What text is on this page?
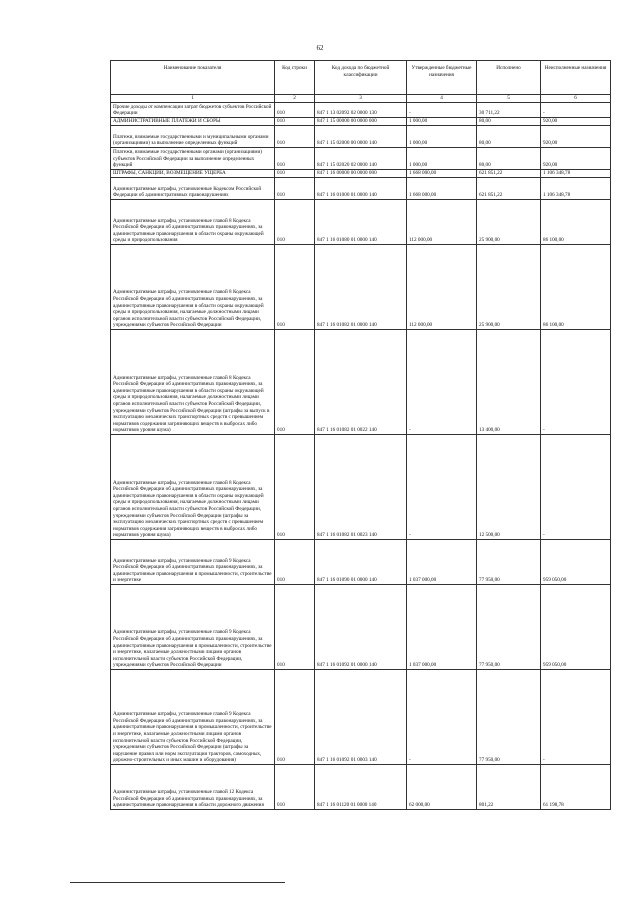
62
Наименование показателя	Код строки	Код дохода по бюджетной классификации	Утвержденные бюджетные назначения	Исполнено	Неисполненные назначения
1	2	3	4	5	6
Прочие доходы от компенсации затрат бюджетов субъектов Российской Федерации	010	847 1 13 02092 02 0000 130	-	30 711,22	-
АДМИНИСТРАТИВНЫЕ ПЛАТЕЖИ И СБОРЫ	010	847 1 15 00000 00 0000 000	1 000,00	80,00	920,00
Платежи, взимаемые государственными и муниципальными органами (организациями) за выполнение определенных функций	010	847 1 15 02000 00 0000 140	1 000,00	80,00	920,00
Платежи, взимаемые государственными органами (организациями) субъектов Российской Федерации за выполнение определенных функций	010	847 1 15 02020 02 0000 140	1 000,00	80,00	920,00
ШТРАФЫ, САНКЦИИ, ВОЗМЕЩЕНИЕ УЩЕРБА	010	847 1 16 00000 00 0000 000	1 668 000,00	621 851,22	1 106 348,78
Административные штрафы, установленные Кодексом Российской Федерации об административных правонарушениях	010	847 1 16 01000 01 0000 140	1 668 000,00	621 851,22	1 106 348,78
Административные штрафы, установленные главой 8 Кодекса Российской Федерации об административных правонарушениях, за административные правонарушения в области охраны окружающей среды и природопользования	010	847 1 16 01080 01 0000 140	112 000,00	25 900,00	86 100,00
Административные штрафы, установленные главой 8 Кодекса Российской Федерации об административных правонарушениях, за административные правонарушения в области охраны окружающей среды и природопользования, налагаемые должностными лицами органов исполнительной власти субъектов Российской Федерации, учреждениями субъектов Российской Федерации	010	847 1 16 01082 01 0000 140	112 000,00	25 900,00	86 100,00
Административные штрафы, установленные главой 8 Кодекса Российской Федерации об административных правонарушениях, за административные правонарушения в области охраны окружающей среды и природопользования, налагаемые должностными лицами органов исполнительной власти субъектов Российской Федерации, учреждениями субъектов Российской Федерации (штрафы за выпуск в эксплуатацию механических транспортных средств с превышением нормативов содержания загрязняющих веществ в выбросах либо нормативов уровня шума)	010	847 1 16 01082 01 0022 140	-	13 400,00	-
Административные штрафы, установленные главой 8 Кодекса Российской Федерации об административных правонарушениях, за административные правонарушения в области охраны окружающей среды и природопользования, налагаемые должностными лицами органов исполнительной власти субъектов Российской Федерации, учреждениями субъектов Российской Федерации (штрафы за эксплуатацию механических транспортных средств с превышением нормативов содержания загрязняющих веществ в выбросах либо нормативов уровня шума)	010	847 1 16 01082 01 0023 140	-	12 500,00	-
Административные штрафы, установленные главой 9 Кодекса Российской Федерации об административных правонарушениях, за административные правонарушения в промышленности, строительстве и энергетике	010	847 1 16 01090 01 0000 140	1 037 000,00	77 950,00	959 050,00
Административные штрафы, установленные главой 9 Кодекса Российской Федерации об административных правонарушениях, за административные правонарушения в промышленности, строительстве и энергетике, налагаемые должностными лицами органов исполнительной власти субъектов Российской Федерации, учреждениями субъектов Российской Федерации	010	847 1 16 01092 01 0000 140	1 037 000,00	77 950,00	959 050,00
Административные штрафы, установленные главой 9 Кодекса Российской Федерации об административных правонарушениях, за административные правонарушения в промышленности, строительстве и энергетике, налагаемые должностными лицами органов исполнительной власти субъектов Российской Федерации, учреждениями субъектов Российской Федерации (штрафы за нарушение правил или норм эксплуатации тракторов, самоходных, дорожно-строительных и иных машин и оборудования)	010	847 1 16 01092 01 0003 140	-	77 950,00	-
Административные штрафы, установленные главой 12 Кодекса Российской Федерации об административных правонарушениях, за административные правонарушения в области дорожного движения	010	847 1 16 01120 01 0000 140	62 000,00	801,22	61 198,78
